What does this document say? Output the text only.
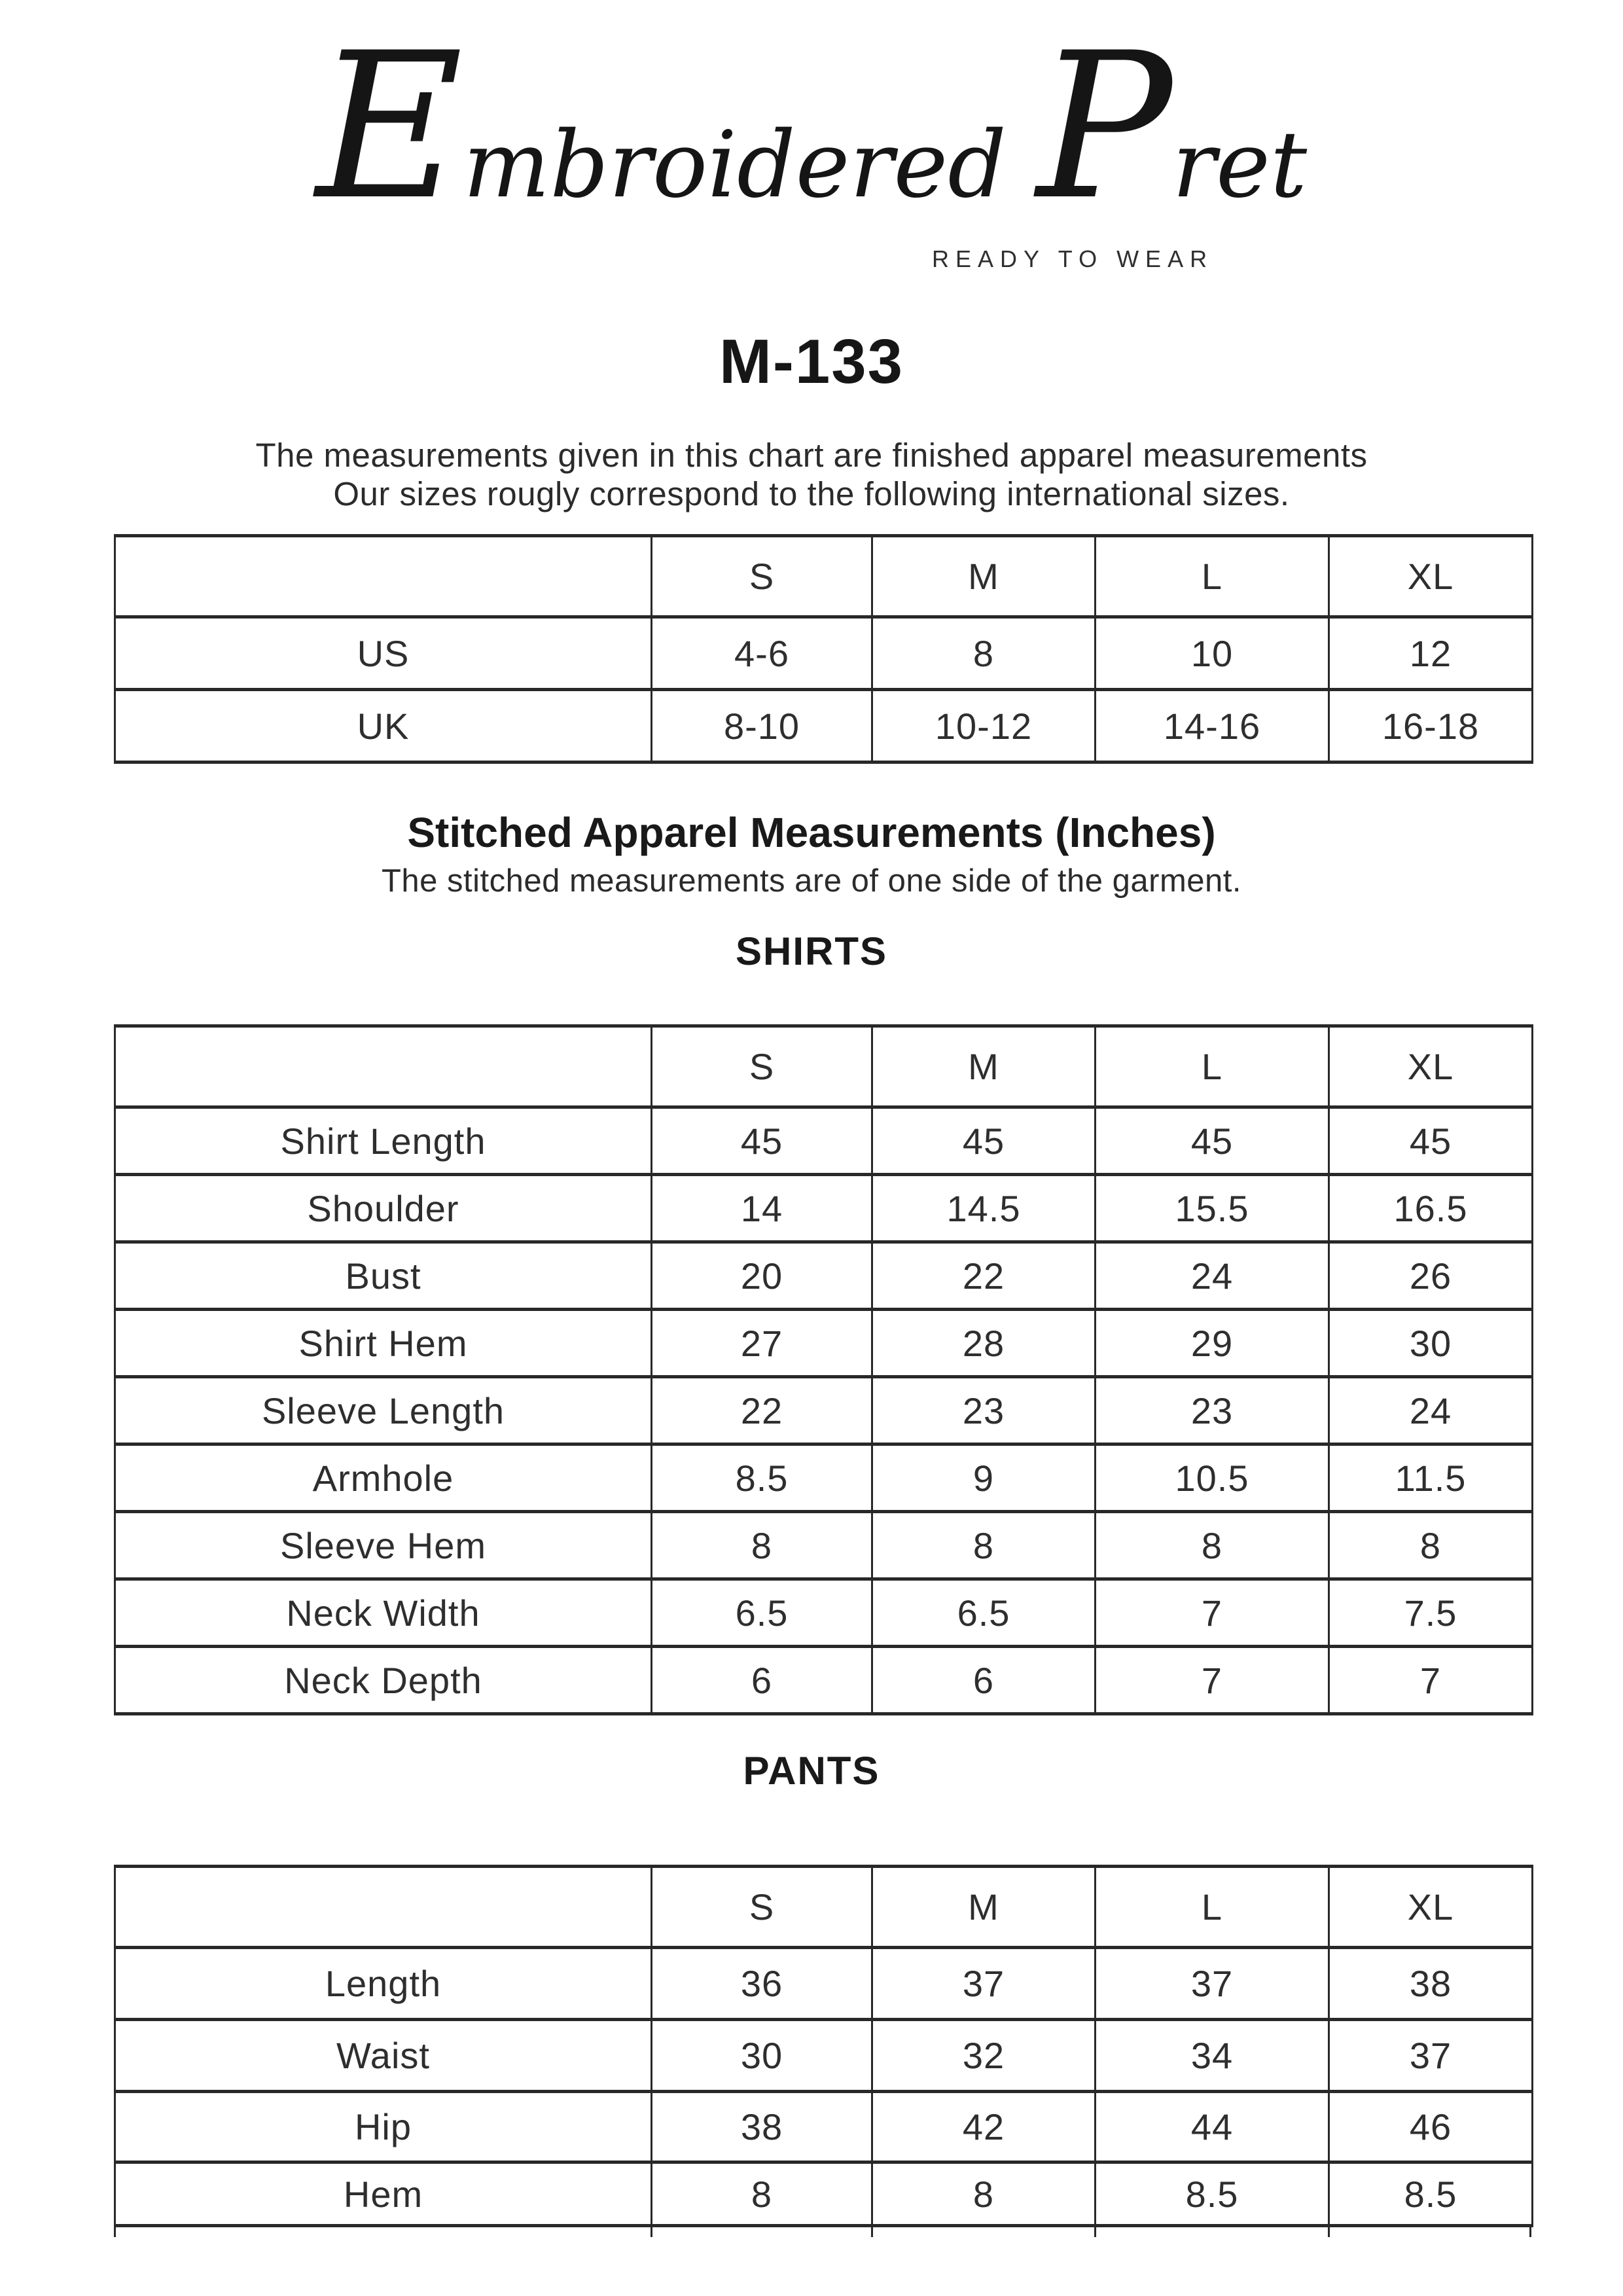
Embroidered Pret
READY TO WEAR
M-133
The measurements given in this chart are finished apparel measurements
Our sizes rougly correspond to the following international sizes.
	S	M	L	XL
US	4-6	8	10	12
UK	8-10	10-12	14-16	16-18
Stitched Apparel Measurements (Inches)
The stitched measurements are of one side of the garment.
SHIRTS
	S	M	L	XL
Shirt Length	45	45	45	45
Shoulder	14	14.5	15.5	16.5
Bust	20	22	24	26
Shirt Hem	27	28	29	30
Sleeve Length	22	23	23	24
Armhole	8.5	9	10.5	11.5
Sleeve Hem	8	8	8	8
Neck Width	6.5	6.5	7	7.5
Neck Depth	6	6	7	7
PANTS
	S	M	L	XL
Length	36	37	37	38
Waist	30	32	34	37
Hip	38	42	44	46
Hem	8	8	8.5	8.5
